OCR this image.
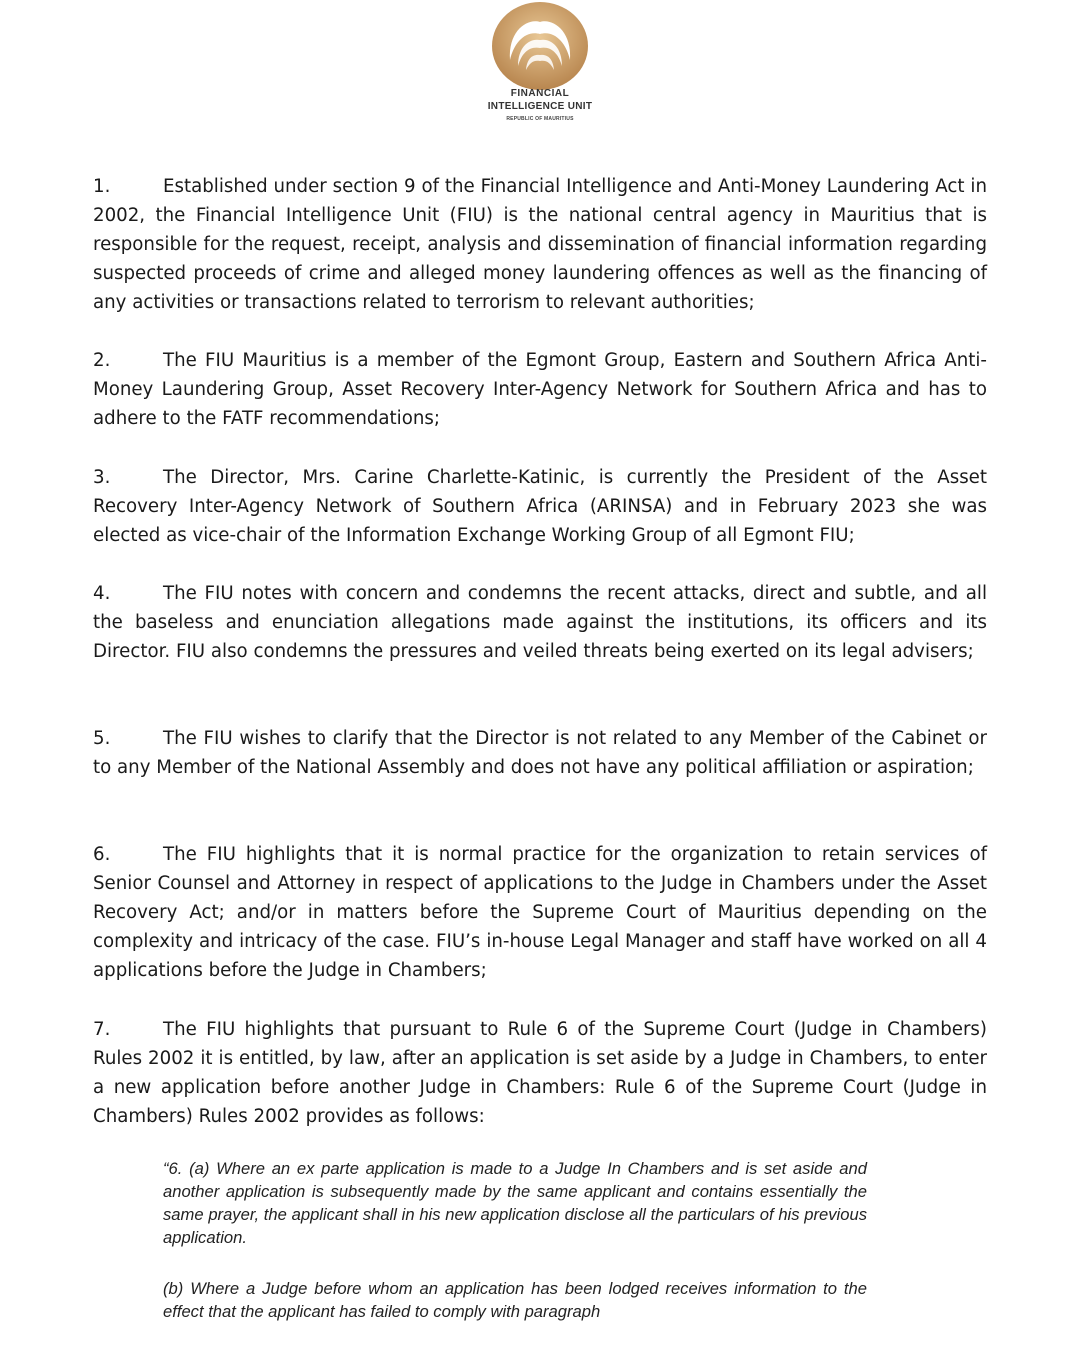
FINANCIAL
INTELLIGENCE UNIT
REPUBLIC OF MAURITIUS

1.	Established under section 9 of the Financial Intelligence and Anti-Money Laundering Act in 2002, the Financial Intelligence Unit (FIU) is the national central agency in Mauritius that is responsible for the request, receipt, analysis and dissemination of financial information regarding suspected proceeds of crime and alleged money laundering offences as well as the financing of any activities or transactions related to terrorism to relevant authorities;

2.	The FIU Mauritius is a member of the Egmont Group, Eastern and Southern Africa Anti-Money Laundering Group, Asset Recovery Inter-Agency Network for Southern Africa and has to adhere to the FATF recommendations;

3.	The Director, Mrs. Carine Charlette-Katinic, is currently the President of the Asset Recovery Inter-Agency Network of Southern Africa (ARINSA) and in February 2023 she was elected as vice-chair of the Information Exchange Working Group of all Egmont FIU;

4.	The FIU notes with concern and condemns the recent attacks, direct and subtle, and all the baseless and enunciation allegations made against the institutions, its officers and its Director. FIU also condemns the pressures and veiled threats being exerted on its legal advisers;

5.	The FIU wishes to clarify that the Director is not related to any Member of the Cabinet or to any Member of the National Assembly and does not have any political affiliation or aspiration;

6.	The FIU highlights that it is normal practice for the organization to retain services of Senior Counsel and Attorney in respect of applications to the Judge in Chambers under the Asset Recovery Act; and/or in matters before the Supreme Court of Mauritius depending on the complexity and intricacy of the case. FIU’s in-house Legal Manager and staff have worked on all 4 applications before the Judge in Chambers;

7.	The FIU highlights that pursuant to Rule 6 of the Supreme Court (Judge in Chambers) Rules 2002 it is entitled, by law, after an application is set aside by a Judge in Chambers, to enter a new application before another Judge in Chambers: Rule 6 of the Supreme Court (Judge in Chambers) Rules 2002 provides as follows:

“6. (a) Where an ex parte application is made to a Judge In Chambers and is set aside and another application is subsequently made by the same applicant and contains essentially the same prayer, the applicant shall in his new application disclose all the particulars of his previous application.

(b) Where a Judge before whom an application has been lodged receives information to the effect that the applicant has failed to comply with paragraph
